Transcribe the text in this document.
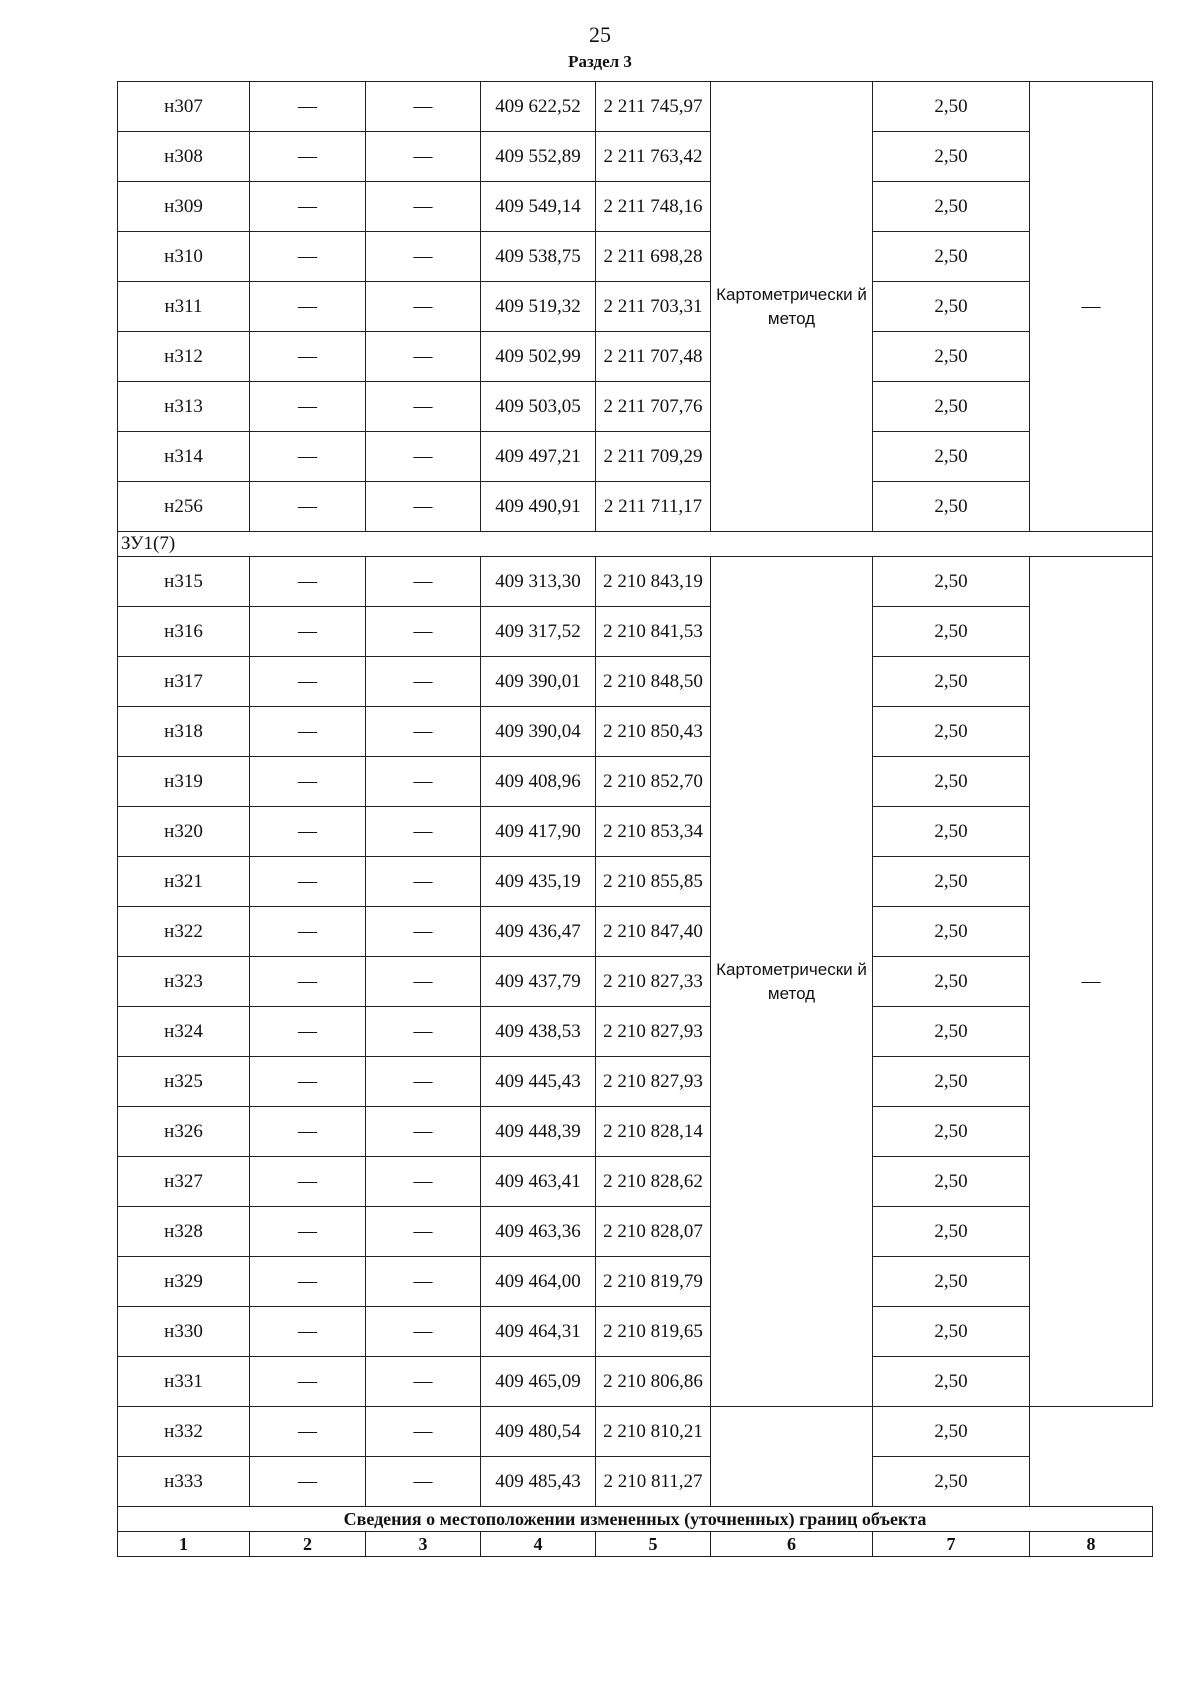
25
Раздел 3
н307	—	—	409 622,52	2 211 745,97	Картометрически й метод	2,50	—
н308	—	—	409 552,89	2 211 763,42		2,50	
н309	—	—	409 549,14	2 211 748,16		2,50	
н310	—	—	409 538,75	2 211 698,28		2,50	
н311	—	—	409 519,32	2 211 703,31		2,50	
н312	—	—	409 502,99	2 211 707,48		2,50	
н313	—	—	409 503,05	2 211 707,76		2,50	
н314	—	—	409 497,21	2 211 709,29		2,50	
н256	—	—	409 490,91	2 211 711,17		2,50	
ЗУ1(7)							
н315	—	—	409 313,30	2 210 843,19	Картометрически й метод	2,50	—
н316	—	—	409 317,52	2 210 841,53		2,50	
н317	—	—	409 390,01	2 210 848,50		2,50	
н318	—	—	409 390,04	2 210 850,43		2,50	
н319	—	—	409 408,96	2 210 852,70		2,50	
н320	—	—	409 417,90	2 210 853,34		2,50	
н321	—	—	409 435,19	2 210 855,85		2,50	
н322	—	—	409 436,47	2 210 847,40		2,50	
н323	—	—	409 437,79	2 210 827,33		2,50	
н324	—	—	409 438,53	2 210 827,93		2,50	
н325	—	—	409 445,43	2 210 827,93		2,50	
н326	—	—	409 448,39	2 210 828,14		2,50	
н327	—	—	409 463,41	2 210 828,62		2,50	
н328	—	—	409 463,36	2 210 828,07		2,50	
н329	—	—	409 464,00	2 210 819,79		2,50	
н330	—	—	409 464,31	2 210 819,65		2,50	
н331	—	—	409 465,09	2 210 806,86		2,50	
н332	—	—	409 480,54	2 210 810,21		2,50	
н333	—	—	409 485,43	2 210 811,27		2,50	
Сведения о местоположении измененных (уточненных) границ объекта							
1	2	3	4	5	6	7	8
